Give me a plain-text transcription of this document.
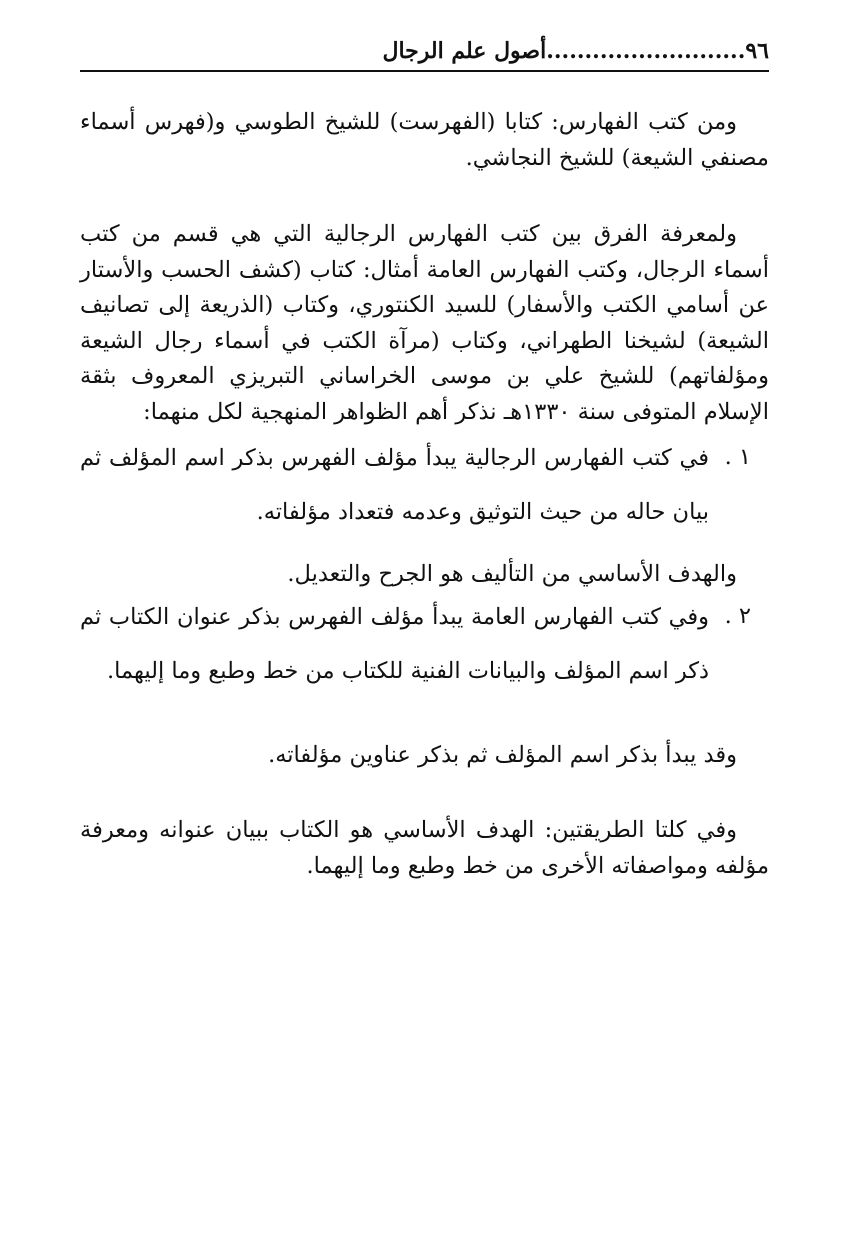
٩٦..........................أصول علم الرجال

ومن كتب الفهارس: كتابا (الفهرست) للشيخ الطوسي و(فهرس أسماء مصنفي الشيعة) للشيخ النجاشي.

ولمعرفة الفرق بين كتب الفهارس الرجالية التي هي قسم من كتب أسماء الرجال، وكتب الفهارس العامة أمثال: كتاب (كشف الحسب والأستار عن أسامي الكتب والأسفار) للسيد الكنتوري، وكتاب (الذريعة إلى تصانيف الشيعة) لشيخنا الطهراني، وكتاب (مرآة الكتب في أسماء رجال الشيعة ومؤلفاتهم) للشيخ علي بن موسى الخراساني التبريزي المعروف بثقة الإسلام المتوفى سنة ١٣٣٠هـ نذكر أهم الظواهر المنهجية لكل منهما:

١ .
في كتب الفهارس الرجالية يبدأ مؤلف الفهرس بذكر اسم المؤلف ثم بيان حاله من حيث التوثيق وعدمه فتعداد مؤلفاته.

والهدف الأساسي من التأليف هو الجرح والتعديل.

٢ .
وفي كتب الفهارس العامة يبدأ مؤلف الفهرس بذكر عنوان الكتاب ثم ذكر اسم المؤلف والبيانات الفنية للكتاب من خط وطبع وما إليهما.

وقد يبدأ بذكر اسم المؤلف ثم بذكر عناوين مؤلفاته.

وفي كلتا الطريقتين: الهدف الأساسي هو الكتاب ببيان عنوانه ومعرفة مؤلفه ومواصفاته الأخرى من خط وطبع وما إليهما.
